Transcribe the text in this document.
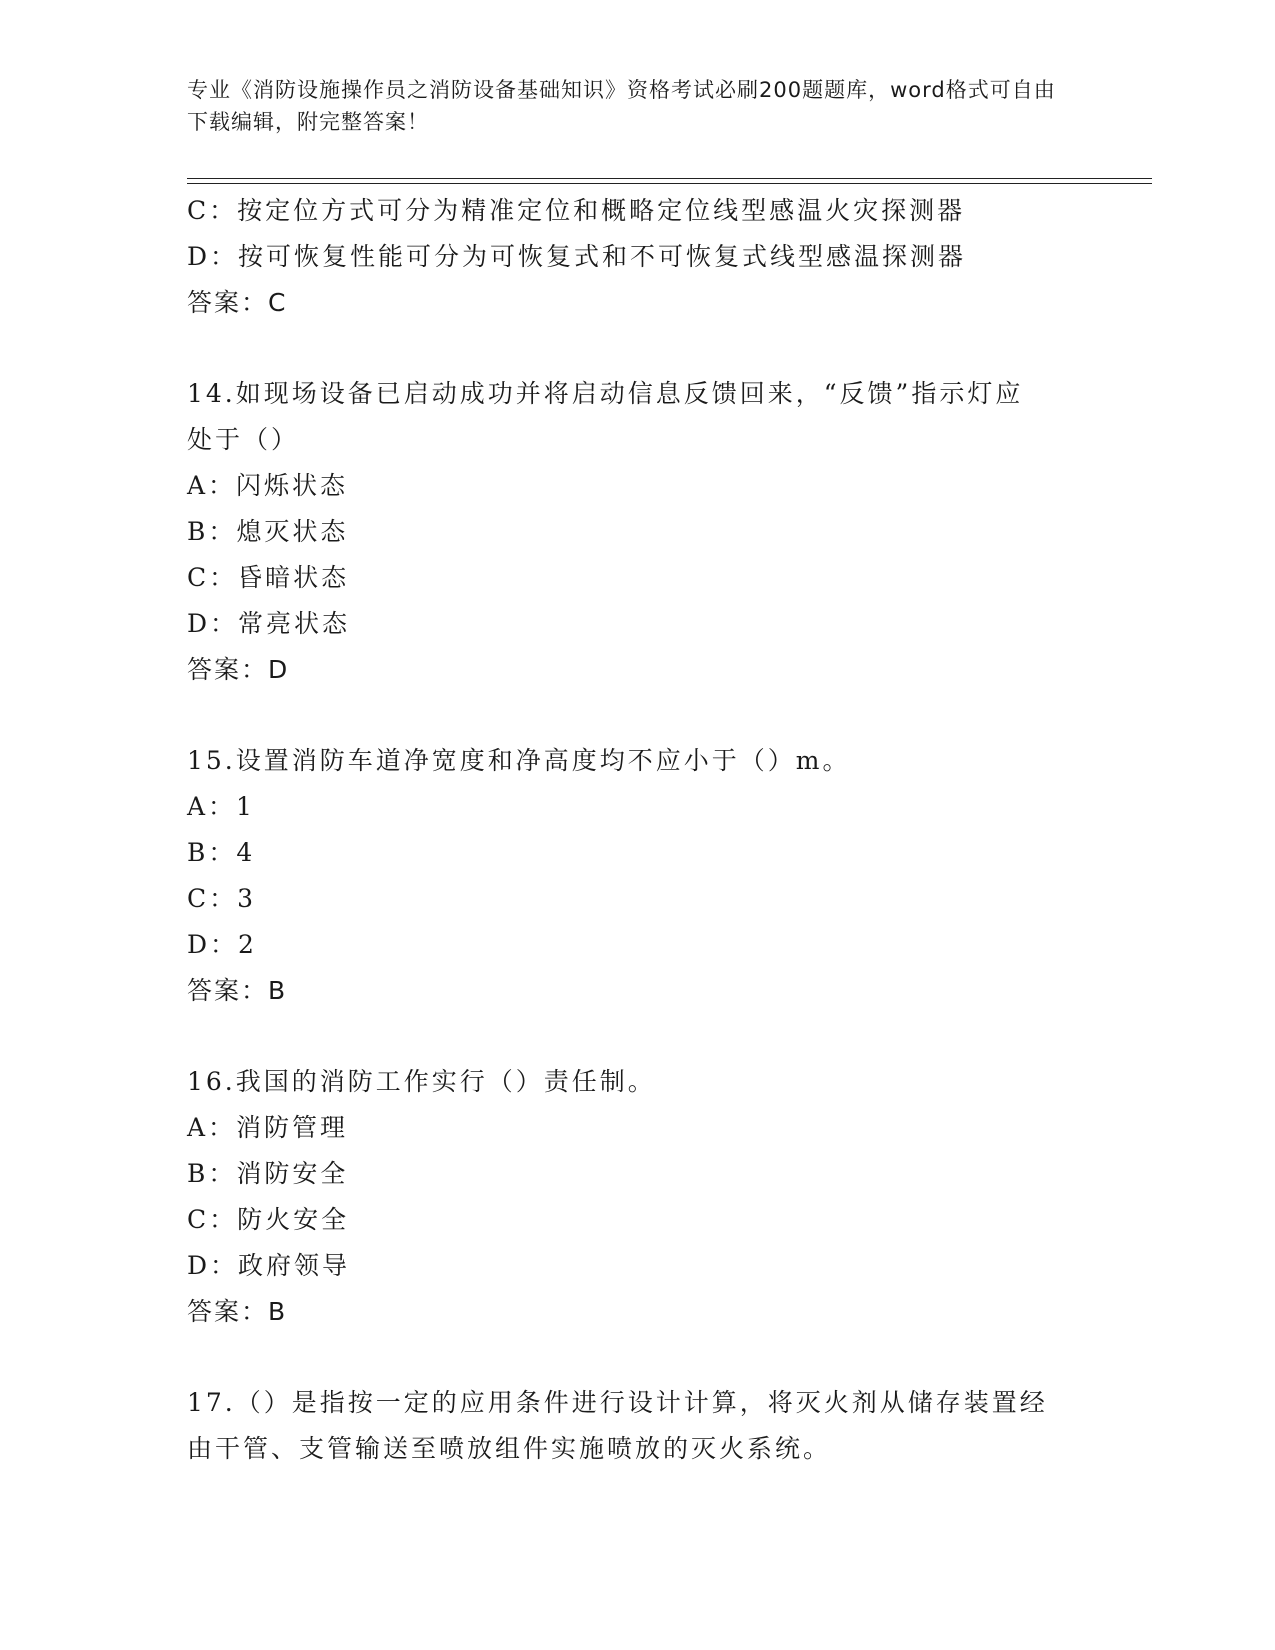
专业《消防设施操作员之消防设备基础知识》资格考试必刷200题题库，word格式可自由下载编辑，附完整答案！
C：按定位方式可分为精准定位和概略定位线型感温火灾探测器
D：按可恢复性能可分为可恢复式和不可恢复式线型感温探测器
答案：C
14.如现场设备已启动成功并将启动信息反馈回来，“反馈”指示灯应
处于（）
A：闪烁状态
B：熄灭状态
C：昏暗状态
D：常亮状态
答案：D
15.设置消防车道净宽度和净高度均不应小于（）m。
A：1
B：4
C：3
D：2
答案：B
16.我国的消防工作实行（）责任制。
A：消防管理
B：消防安全
C：防火安全
D：政府领导
答案：B
17.（）是指按一定的应用条件进行设计计算，将灭火剂从储存装置经
由干管、支管输送至喷放组件实施喷放的灭火系统。
